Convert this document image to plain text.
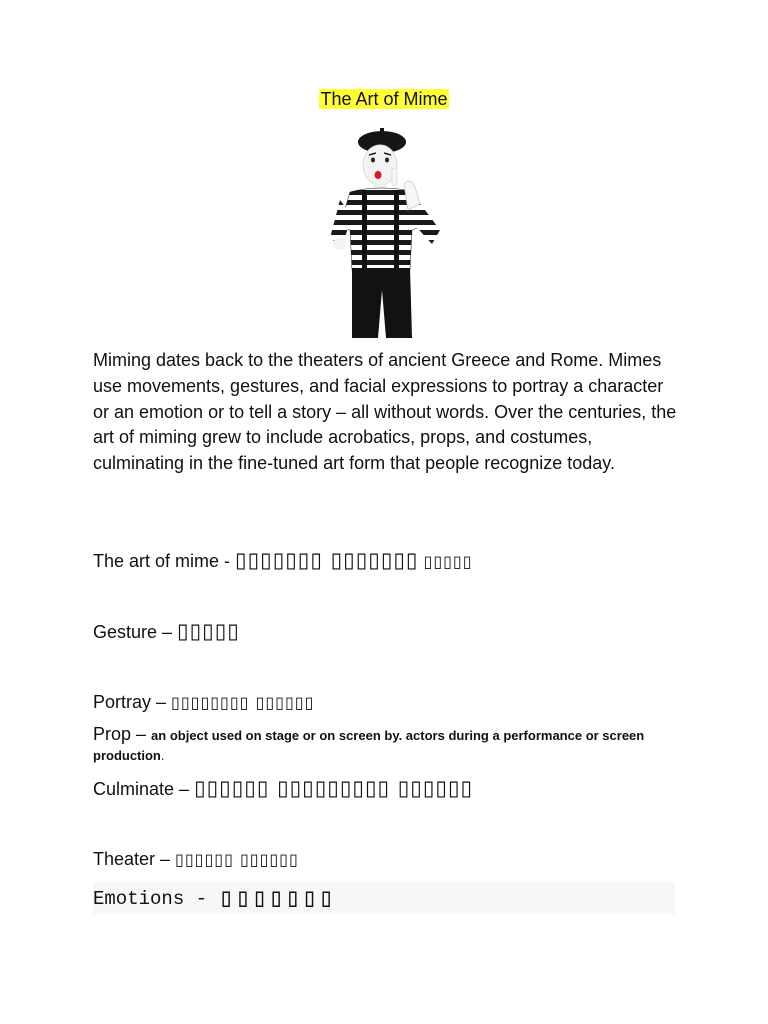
The Art of Mime
Miming dates back to the theaters of ancient Greece and Rome. Mimes use movements, gestures, and facial expressions to portray a character or an emotion or to tell a story – all without words. Over the centuries, the art of miming grew to include acrobatics, props, and costumes, culminating in the fine-tuned art form that people recognize today.
The art of mime - ▯▯▯▯▯▯▯ ▯▯▯▯▯▯▯ ▯▯▯▯▯
Gesture – ▯▯▯▯▯
Portray – ▯▯▯▯▯▯▯▯ ▯▯▯▯▯▯
Prop – an object used on stage or on screen by. actors during a performance or screen production.
Culminate – ▯▯▯▯▯▯ ▯▯▯▯▯▯▯▯▯ ▯▯▯▯▯▯
Theater – ▯▯▯▯▯▯ ▯▯▯▯▯▯
Emotions - ▯▯▯▯▯▯▯
